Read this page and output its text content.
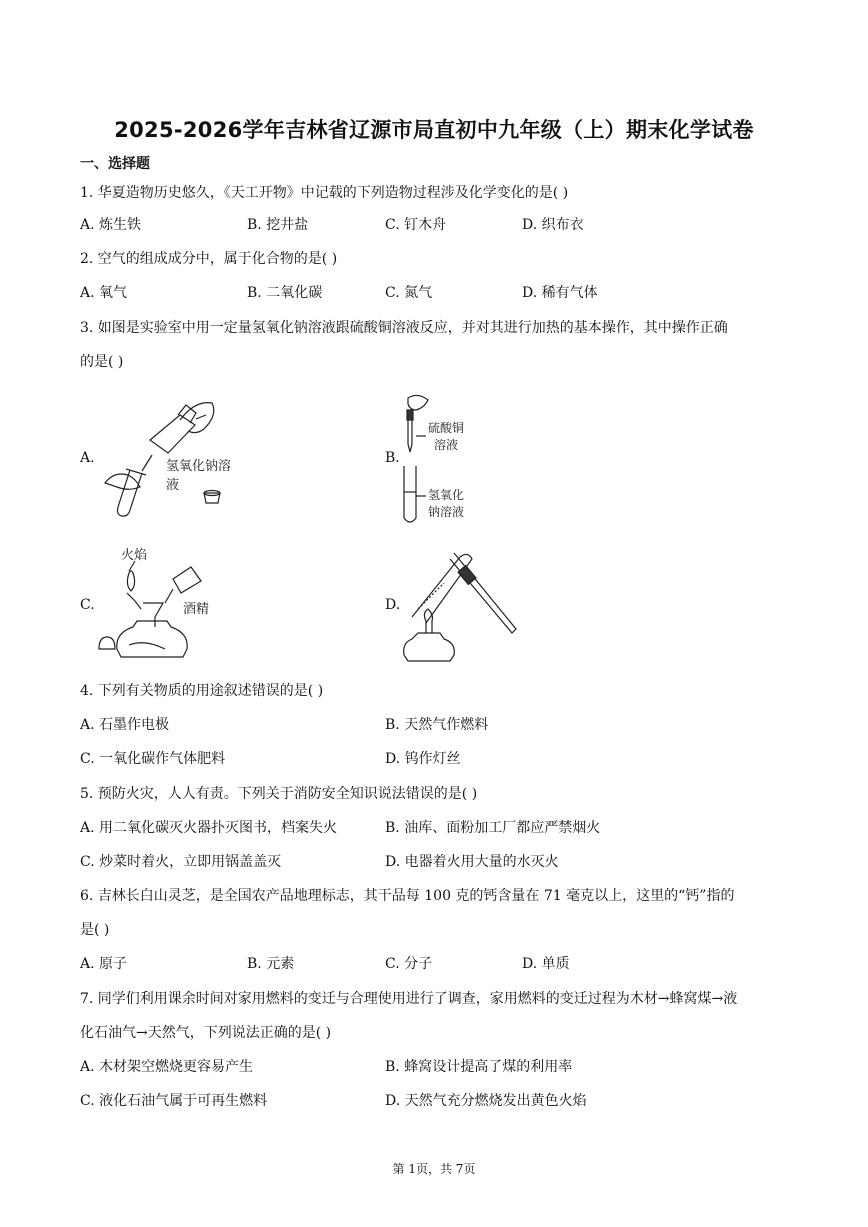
2025-2026学年吉林省辽源市局直初中九年级（上）期末化学试卷
一、选择题
1. 华夏造物历史悠久，《天工开物》中记载的下列造物过程涉及化学变化的是( )
A. 炼生铁	B. 挖井盐	C. 钉木舟	D. 织布衣
2. 空气的组成成分中，属于化合物的是( )
A. 氧气	B. 二氧化碳	C. 氮气	D. 稀有气体
3. 如图是实验室中用一定量氢氧化钠溶液跟硫酸铜溶液反应，并对其进行加热的基本操作，其中操作正确
的是( )
A.	B.
C.	D.
氢氧化钠溶
液
硫酸铜
溶液
氢氧化
钠溶液
火焰
酒精
4. 下列有关物质的用途叙述错误的是( )
A. 石墨作电极	B. 天然气作燃料
C. 一氧化碳作气体肥料	D. 钨作灯丝
5. 预防火灾，人人有责。下列关于消防安全知识说法错误的是( )
A. 用二氧化碳灭火器扑灭图书，档案失火	B. 油库、面粉加工厂都应严禁烟火
C. 炒菜时着火，立即用锅盖盖灭	D. 电器着火用大量的水灭火
6. 吉林长白山灵芝，是全国农产品地理标志，其干品每 100 克的钙含量在 71 毫克以上，这里的“钙”指的
是( )
A. 原子	B. 元素	C. 分子	D. 单质
7. 同学们利用课余时间对家用燃料的变迁与合理使用进行了调查，家用燃料的变迁过程为木材→蜂窝煤→液
化石油气→天然气，下列说法正确的是( )
A. 木材架空燃烧更容易产生	B. 蜂窝设计提高了煤的利用率
C. 液化石油气属于可再生燃料	D. 天然气充分燃烧发出黄色火焰
第 1页，共 7页
